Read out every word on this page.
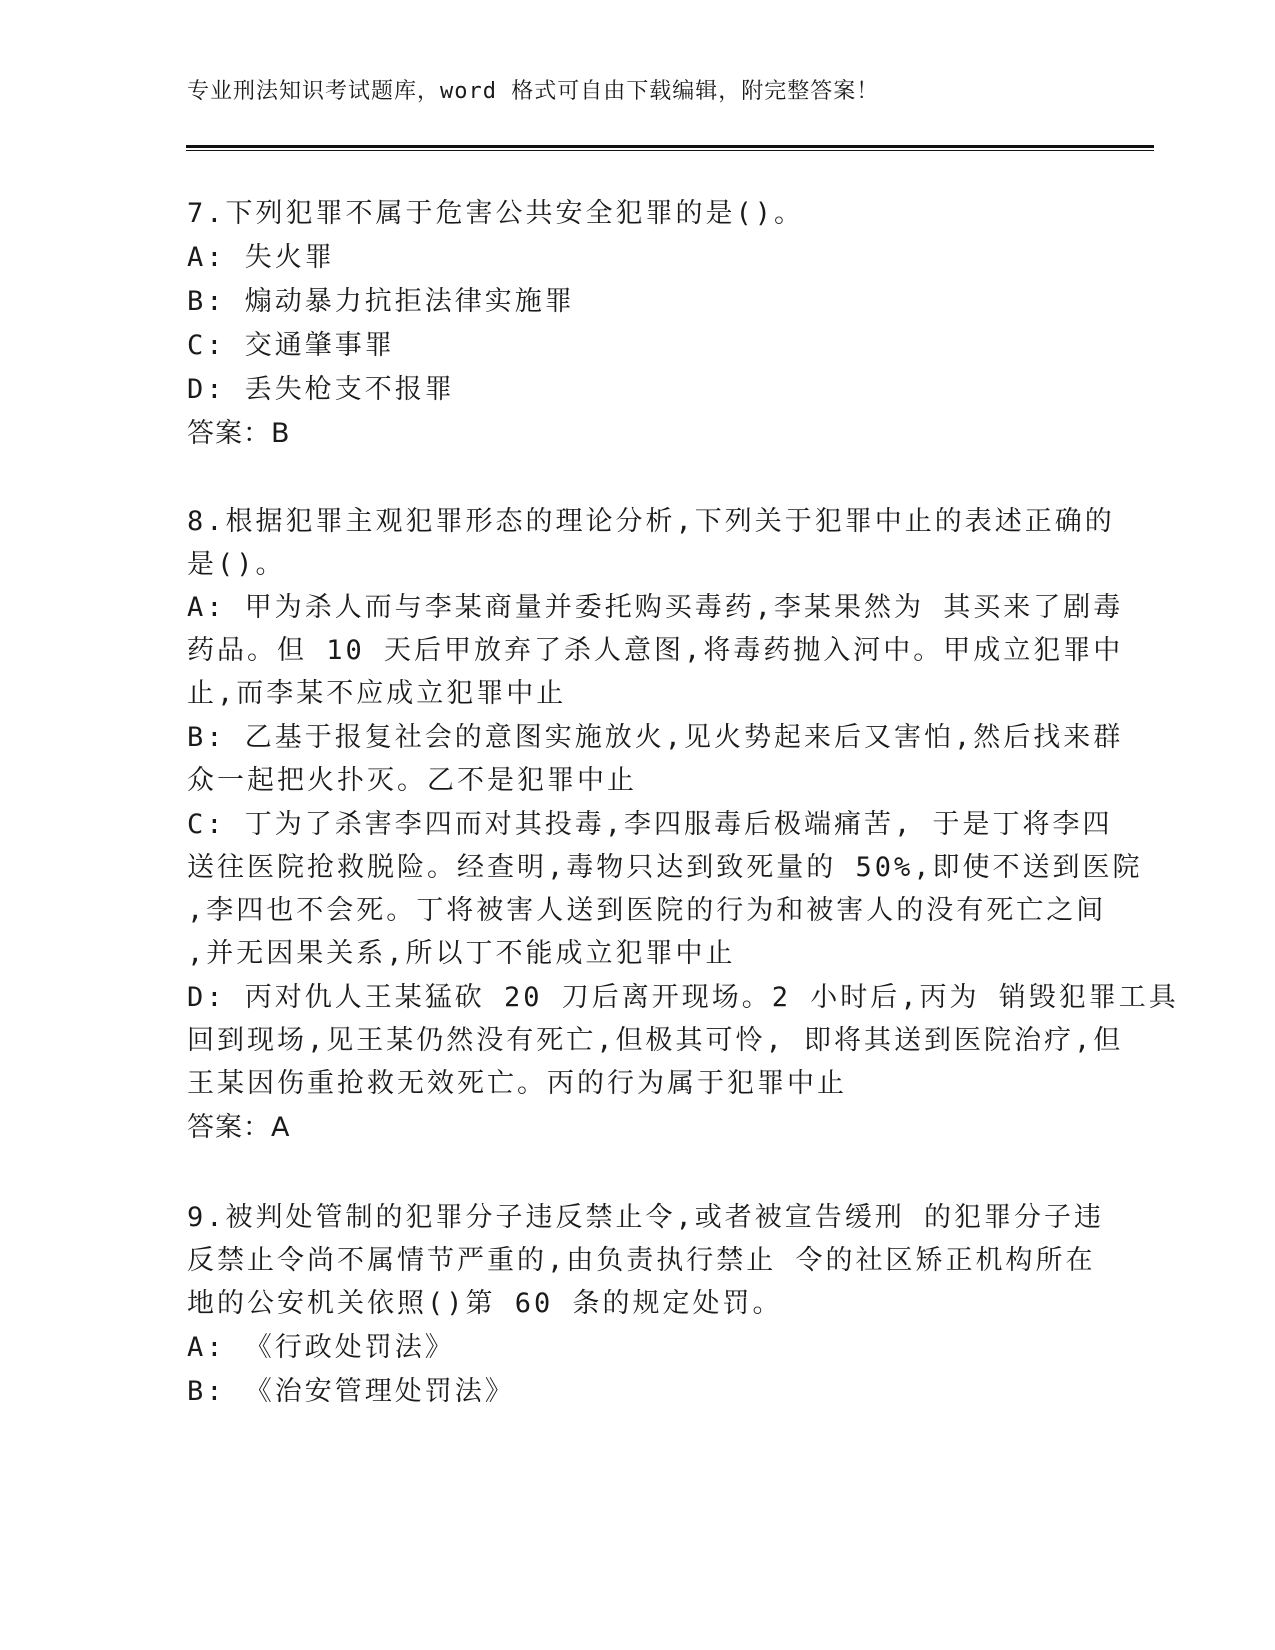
专业刑法知识考试题库，word 格式可自由下载编辑，附完整答案！
7.下列犯罪不属于危害公共安全犯罪的是()。
A: 失火罪
B: 煽动暴力抗拒法律实施罪
C: 交通肇事罪
D: 丢失枪支不报罪
答案：B
8.根据犯罪主观犯罪形态的理论分析,下列关于犯罪中止的表述正确的
是()。
A: 甲为杀人而与李某商量并委托购买毒药,李某果然为 其买来了剧毒
药品。但 10 天后甲放弃了杀人意图,将毒药抛入河中。甲成立犯罪中
止,而李某不应成立犯罪中止
B: 乙基于报复社会的意图实施放火,见火势起来后又害怕,然后找来群
众一起把火扑灭。乙不是犯罪中止
C: 丁为了杀害李四而对其投毒,李四服毒后极端痛苦, 于是丁将李四
送往医院抢救脱险。经查明,毒物只达到致死量的 50%,即使不送到医院
,李四也不会死。丁将被害人送到医院的行为和被害人的没有死亡之间
,并无因果关系,所以丁不能成立犯罪中止
D: 丙对仇人王某猛砍 20 刀后离开现场。2 小时后,丙为 销毁犯罪工具
回到现场,见王某仍然没有死亡,但极其可怜, 即将其送到医院治疗,但
王某因伤重抢救无效死亡。丙的行为属于犯罪中止
答案：A
9.被判处管制的犯罪分子违反禁止令,或者被宣告缓刑 的犯罪分子违
反禁止令尚不属情节严重的,由负责执行禁止 令的社区矫正机构所在
地的公安机关依照()第 60 条的规定处罚。
A: 《行政处罚法》
B: 《治安管理处罚法》
